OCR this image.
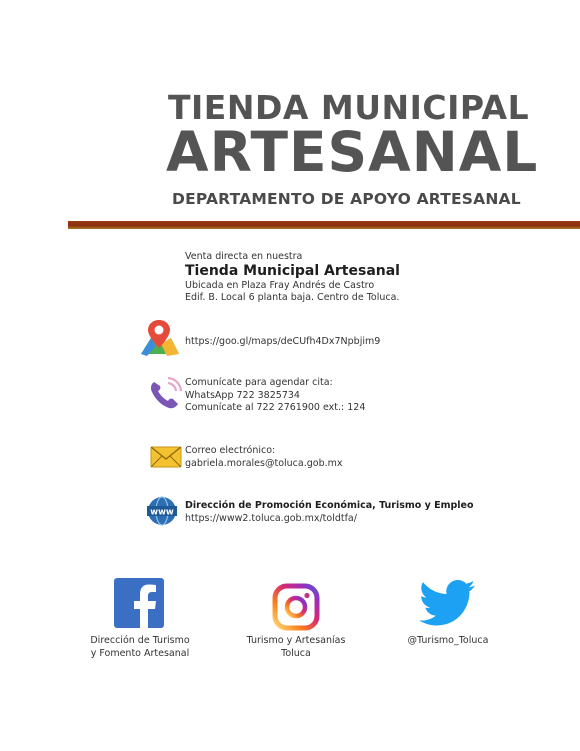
TIENDA MUNICIPAL
ARTESANAL
DEPARTAMENTO DE APOYO ARTESANAL
Venta directa en nuestra
Tienda Municipal Artesanal
Ubicada en Plaza Fray Andrés de Castro
Edif. B. Local 6 planta baja. Centro de Toluca.
https://goo.gl/maps/deCUfh4Dx7Npbjim9
Comunícate para agendar cita:
WhatsApp 722 3825734
Comunícate al 722 2761900 ext.: 124
Correo electrónico:
gabriela.morales@toluca.gob.mx
www
Dirección de Promoción Económica, Turismo y Empleo
https://www2.toluca.gob.mx/toldtfa/
Dirección de Turismo
y Fomento Artesanal
Turismo y Artesanías
Toluca
@Turismo_Toluca
